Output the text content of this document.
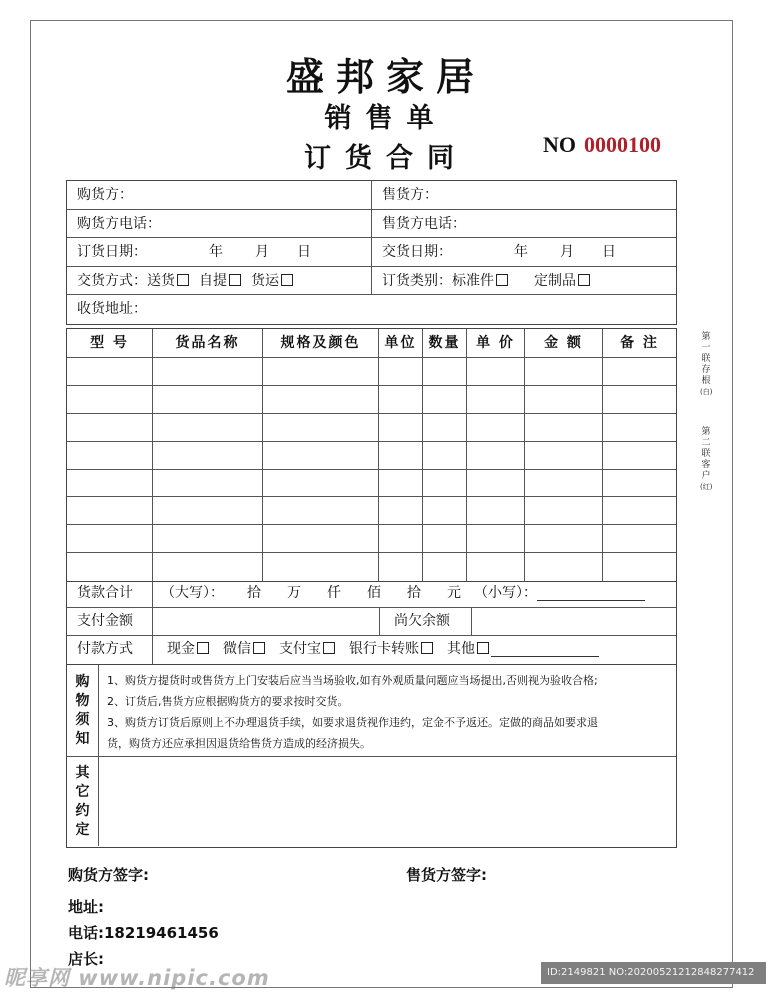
盛邦家居
销售单
订货合同	NO 0000100
购货方：	售货方：
购货方电话：	售货方电话：
订货日期：	年 月 日	交货日期：	年 月 日
交货方式：送货 自提 货运	订货类别：标准件	定制品
收货地址：
型 号	货品名称	规格及颜色	单位 数量	单 价	金 额	备 注
货款合计	（大写）： 拾 万 仟 佰 拾 元 （小写）：
支付金额	尚欠余额
付款方式	现金 微信 支付宝 银行卡转账 其他
购
物
须
知
1、购货方提货时或售货方上门安装后应当当场验收,如有外观质量问题应当场提出,否则视为验收合格;
2、订货后,售货方应根据购货方的要求按时交货。
3、购货方订货后原则上不办理退货手续，如要求退货视作违约，定金不予返还。定做的商品如要求退
货，购货方还应承担因退货给售货方造成的经济损失。
其
它
约
定
第
一
联
存
根
(白)
第
二
联
客
户
(红)
购货方签字:	售货方签字:
地址:
电话:18219461456
店长:
昵享网 www.nipic.com	ID:2149821 NO:20200521212848277412
